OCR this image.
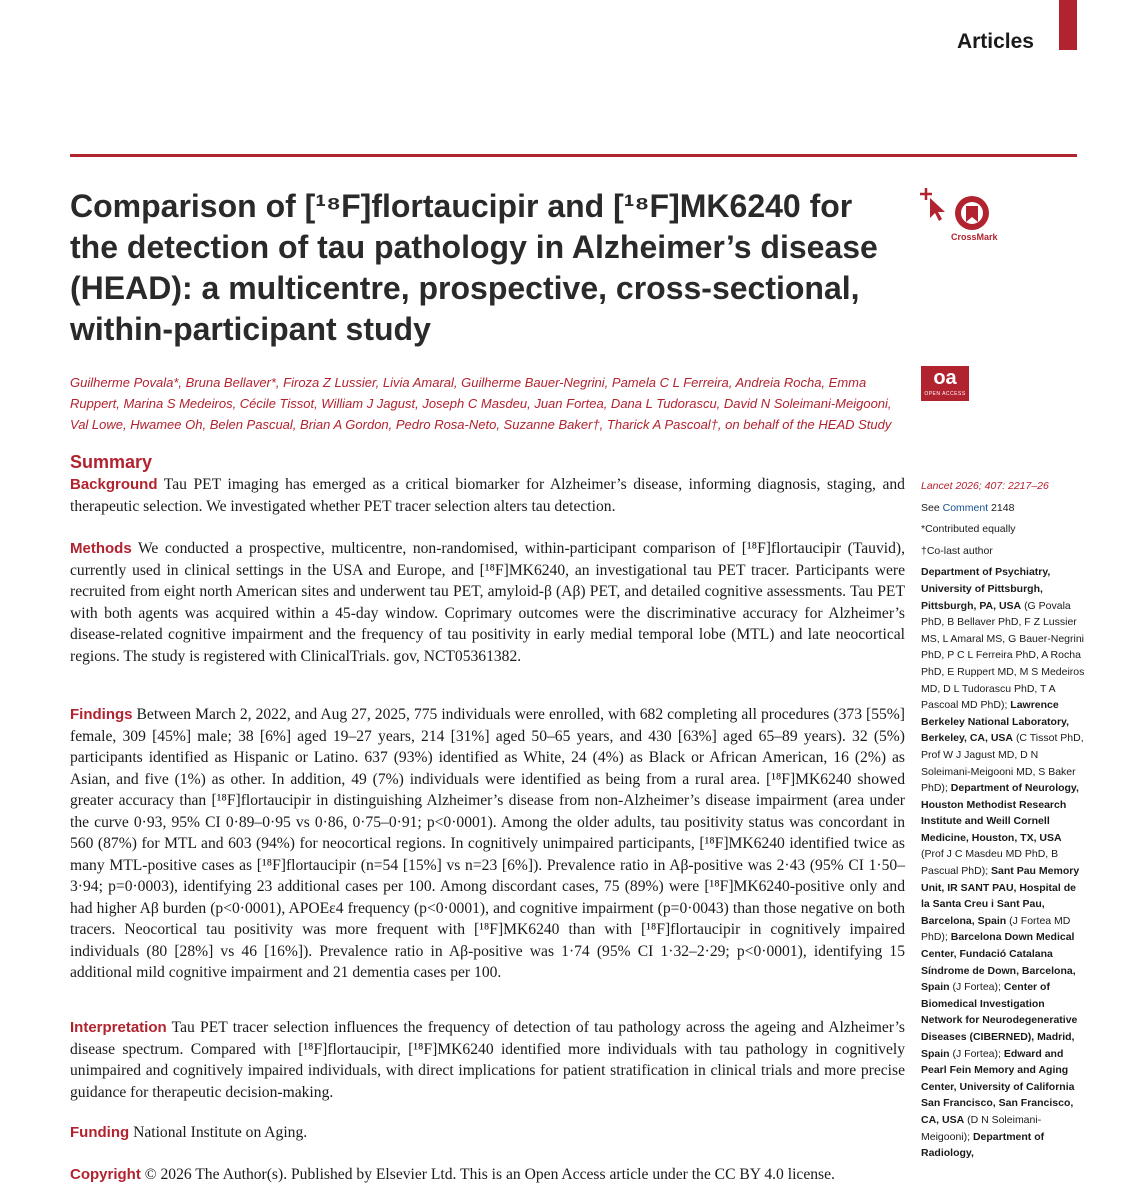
Articles
Comparison of [¹⁸F]flortaucipir and [¹⁸F]MK6240 for the detection of tau pathology in Alzheimer’s disease (HEAD): a multicentre, prospective, cross-sectional, within-participant study
CrossMark
oa
OPEN ACCESS

Guilherme Povala*, Bruna Bellaver*, Firoza Z Lussier, Livia Amaral, Guilherme Bauer-Negrini, Pamela C L Ferreira, Andreia Rocha, Emma Ruppert, Marina S Medeiros, Cécile Tissot, William J Jagust, Joseph C Masdeu, Juan Fortea, Dana L Tudorascu, David N Soleimani-Meigooni, Val Lowe, Hwamee Oh, Belen Pascual, Brian A Gordon, Pedro Rosa-Neto, Suzanne Baker†, Tharick A Pascoal†, on behalf of the HEAD Study

Summary

Background Tau PET imaging has emerged as a critical biomarker for Alzheimer’s disease, informing diagnosis, staging, and therapeutic selection. We investigated whether PET tracer selection alters tau detection.

Methods We conducted a prospective, multicentre, non-randomised, within-participant comparison of [¹⁸F]flortaucipir (Tauvid), currently used in clinical settings in the USA and Europe, and [¹⁸F]MK6240, an investigational tau PET tracer. Participants were recruited from eight north American sites and underwent tau PET, amyloid-β (Aβ) PET, and detailed cognitive assessments. Tau PET with both agents was acquired within a 45-day window. Coprimary outcomes were the discriminative accuracy for Alzheimer’s disease-related cognitive impairment and the frequency of tau positivity in early medial temporal lobe (MTL) and late neocortical regions. The study is registered with ClinicalTrials. gov, NCT05361382.

Findings Between March 2, 2022, and Aug 27, 2025, 775 individuals were enrolled, with 682 completing all procedures (373 [55%] female, 309 [45%] male; 38 [6%] aged 19–27 years, 214 [31%] aged 50–65 years, and 430 [63%] aged 65–89 years). 32 (5%) participants identified as Hispanic or Latino. 637 (93%) identified as White, 24 (4%) as Black or African American, 16 (2%) as Asian, and five (1%) as other. In addition, 49 (7%) individuals were identified as being from a rural area. [¹⁸F]MK6240 showed greater accuracy than [¹⁸F]flortaucipir in distinguishing Alzheimer’s disease from non-Alzheimer’s disease impairment (area under the curve 0·93, 95% CI 0·89–0·95 vs 0·86, 0·75–0·91; p<0·0001). Among the older adults, tau positivity status was concordant in 560 (87%) for MTL and 603 (94%) for neocortical regions. In cognitively unimpaired participants, [¹⁸F]MK6240 identified twice as many MTL-positive cases as [¹⁸F]flortaucipir (n=54 [15%] vs n=23 [6%]). Prevalence ratio in Aβ-positive was 2·43 (95% CI 1·50–3·94; p=0·0003), identifying 23 additional cases per 100. Among discordant cases, 75 (89%) were [¹⁸F]MK6240-positive only and had higher Aβ burden (p<0·0001), APOEε4 frequency (p<0·0001), and cognitive impairment (p=0·0043) than those negative on both tracers. Neocortical tau positivity was more frequent with [¹⁸F]MK6240 than with [¹⁸F]flortaucipir in cognitively impaired individuals (80 [28%] vs 46 [16%]). Prevalence ratio in Aβ-positive was 1·74 (95% CI 1·32–2·29; p<0·0001), identifying 15 additional mild cognitive impairment and 21 dementia cases per 100.

Interpretation Tau PET tracer selection influences the frequency of detection of tau pathology across the ageing and Alzheimer’s disease spectrum. Compared with [¹⁸F]flortaucipir, [¹⁸F]MK6240 identified more individuals with tau pathology in cognitively unimpaired and cognitively impaired individuals, with direct implications for patient stratification in clinical trials and more precise guidance for therapeutic decision-making.

Funding National Institute on Aging.

Copyright © 2026 The Author(s). Published by Elsevier Ltd. This is an Open Access article under the CC BY 4.0 license.

Lancet 2026; 407: 2217–26

See Comment 2148

*Contributed equally

†Co-last author

Department of Psychiatry, University of Pittsburgh, Pittsburgh, PA, USA (G Povala PhD, B Bellaver PhD, F Z Lussier MS, L Amaral MS, G Bauer-Negrini PhD, P C L Ferreira PhD, A Rocha PhD, E Ruppert MD, M S Medeiros MD, D L Tudorascu PhD, T A Pascoal MD PhD); Lawrence Berkeley National Laboratory, Berkeley, CA, USA (C Tissot PhD, Prof W J Jagust MD, D N Soleimani-Meigooni MD, S Baker PhD); Department of Neurology, Houston Methodist Research Institute and Weill Cornell Medicine, Houston, TX, USA (Prof J C Masdeu MD PhD, B Pascual PhD); Sant Pau Memory Unit, IR SANT PAU, Hospital de la Santa Creu i Sant Pau, Barcelona, Spain (J Fortea MD PhD); Barcelona Down Medical Center, Fundació Catalana Síndrome de Down, Barcelona, Spain (J Fortea); Center of Biomedical Investigation Network for Neurodegenerative Diseases (CIBERNED), Madrid, Spain (J Fortea); Edward and Pearl Fein Memory and Aging Center, University of California San Francisco, San Francisco, CA, USA (D N Soleimani-Meigooni); Department of Radiology,
